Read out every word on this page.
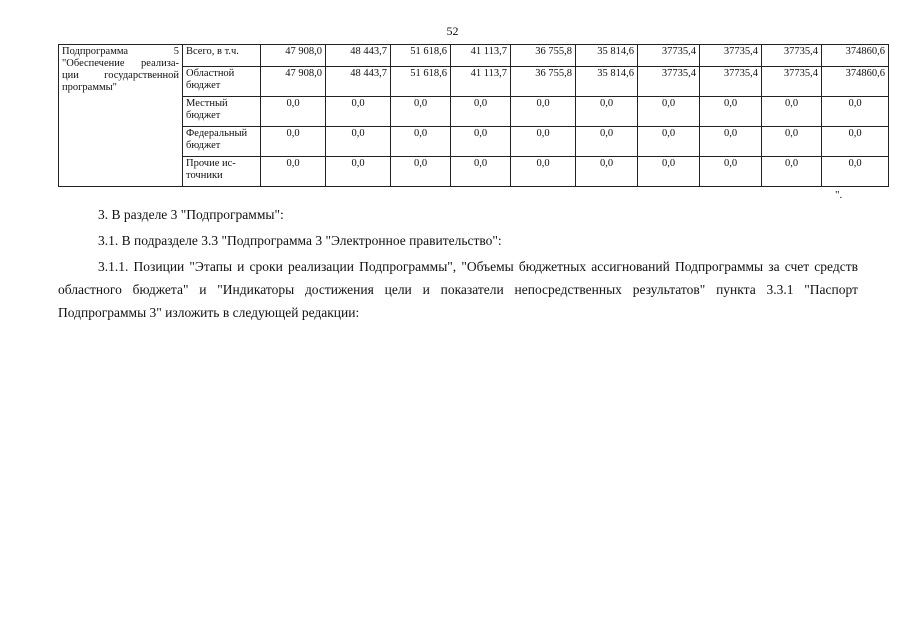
52
Подпрограмма 5 "Обеспечение реализа-ции государственной программы"	Всего, в т.ч.	47 908,0	48 443,7	51 618,6	41 113,7	36 755,8	35 814,6	37735,4	37735,4	37735,4	374860,6
	Областной бюджет	47 908,0	48 443,7	51 618,6	41 113,7	36 755,8	35 814,6	37735,4	37735,4	37735,4	374860,6
	Местный бюджет	0,0	0,0	0,0	0,0	0,0	0,0	0,0	0,0	0,0	0,0
	Федеральный бюджет	0,0	0,0	0,0	0,0	0,0	0,0	0,0	0,0	0,0	0,0
	Прочие ис-точники	0,0	0,0	0,0	0,0	0,0	0,0	0,0	0,0	0,0	0,0
".
3. В разделе 3 "Подпрограммы":
3.1. В подразделе 3.3 "Подпрограмма 3 "Электронное правительство":
3.1.1. Позиции "Этапы и сроки реализации Подпрограммы", "Объемы бюджетных ассигнований Подпрограммы за счет средств областного бюджета" и "Индикаторы достижения цели и показатели непосредственных результатов" пункта 3.3.1 "Паспорт Подпрограммы 3" изложить в следующей редакции:
